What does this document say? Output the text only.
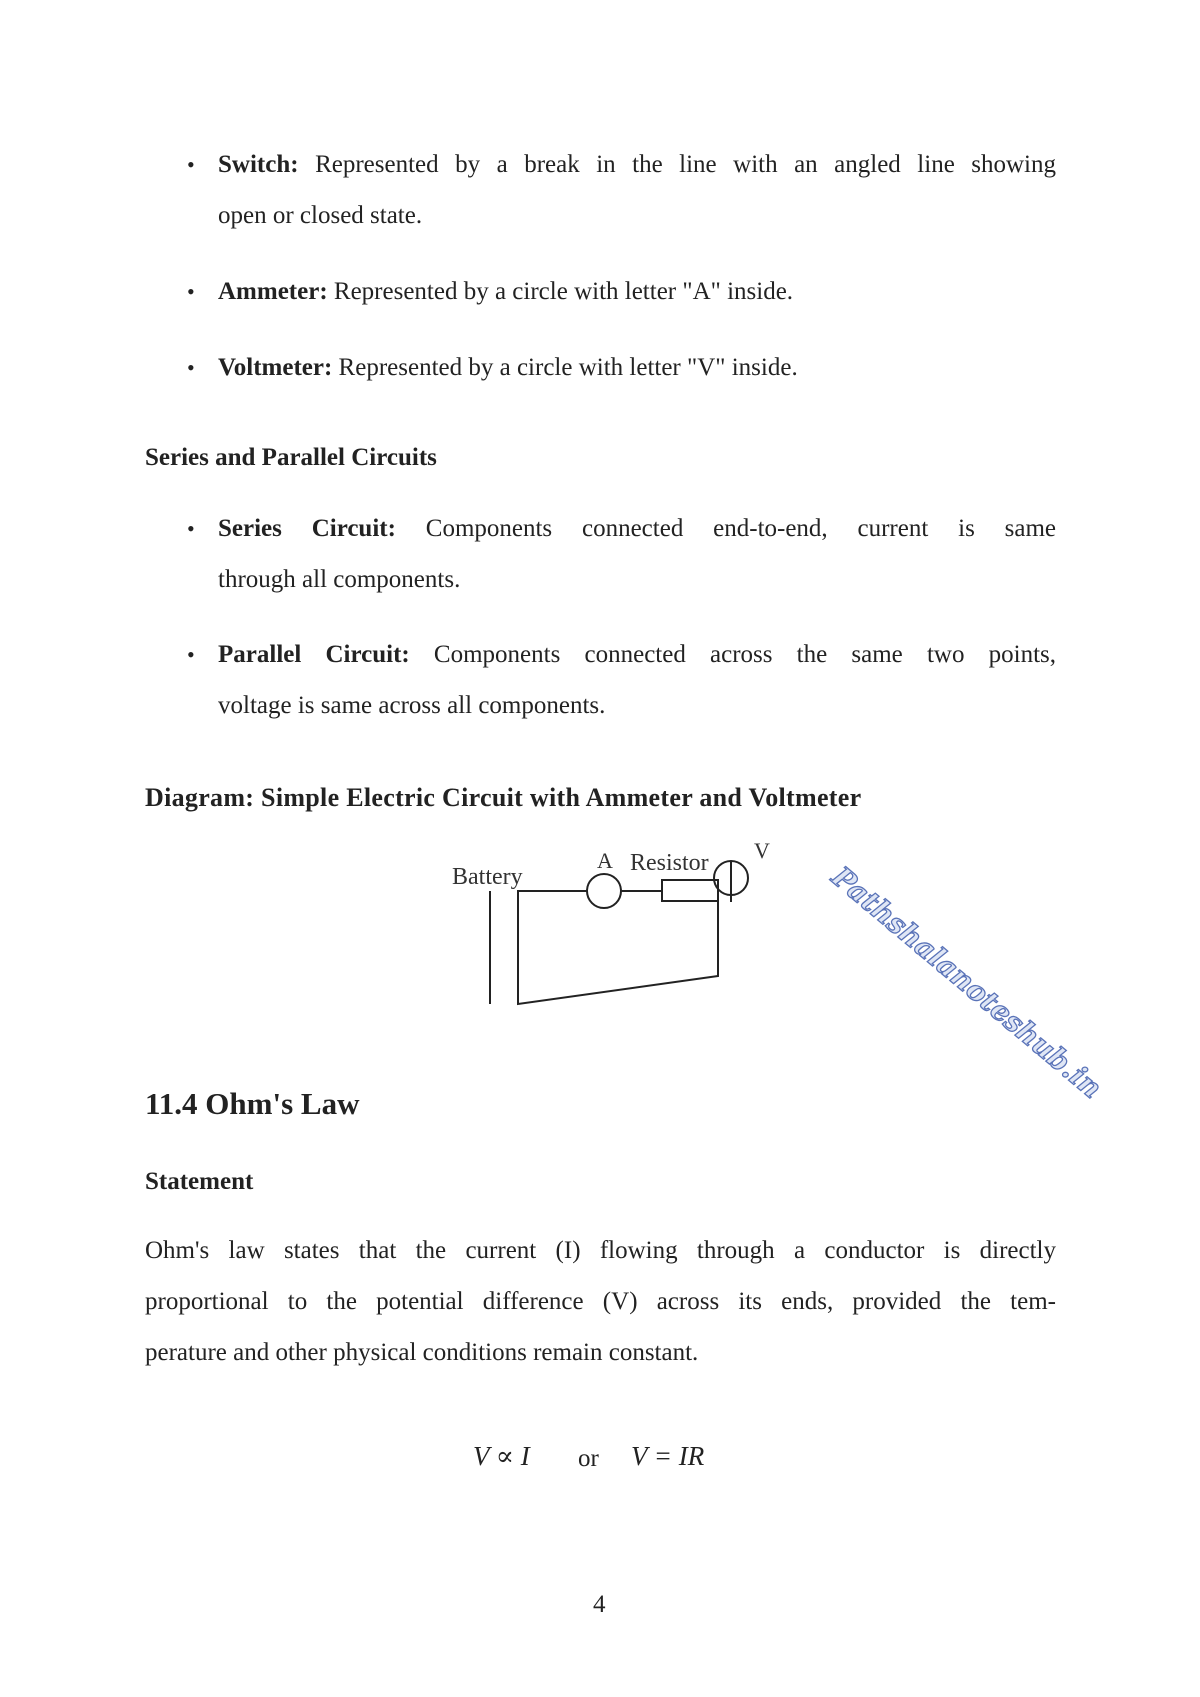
• Switch: Represented by a break in the line with an angled line showing
open or closed state.
• Ammeter: Represented by a circle with letter "A" inside.
• Voltmeter: Represented by a circle with letter "V" inside.
Series and Parallel Circuits
• Series Circuit: Components connected end-to-end, current is same
through all components.
• Parallel Circuit: Components connected across the same two points,
voltage is same across all components.
Diagram: Simple Electric Circuit with Ammeter and Voltmeter
Battery
A Resistor V
Pathshalanoteshub.in
11.4 Ohm's Law
Statement
Ohm's law states that the current (I) flowing through a conductor is directly
proportional to the potential difference (V) across its ends, provided the tem-
perature and other physical conditions remain constant.
V ∝ I or V = IR
4
